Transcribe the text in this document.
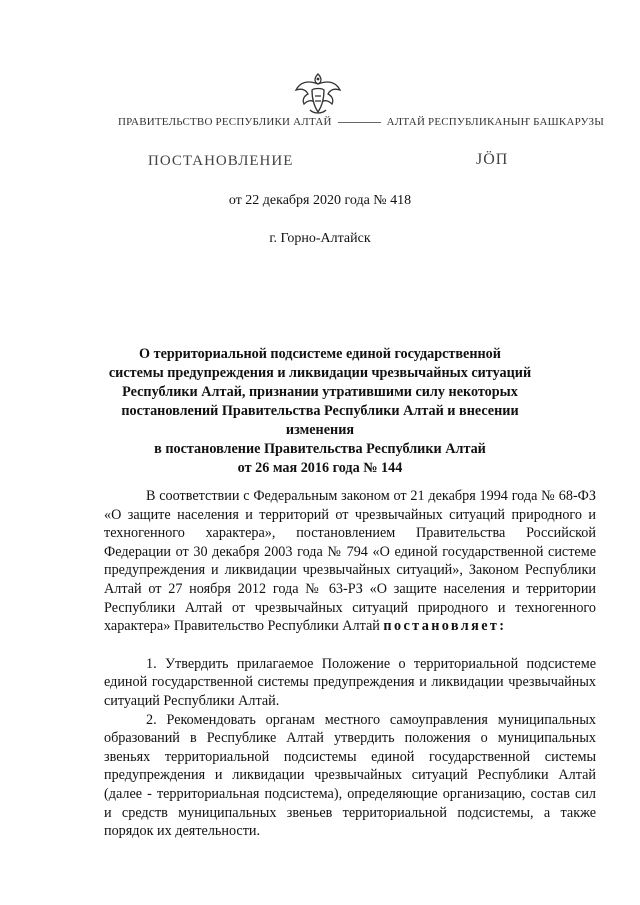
ПРАВИТЕЛЬСТВО РЕСПУБЛИКИ АЛТАЙ	АЛТАЙ РЕСПУБЛИКАНЫҤ БАШКАРУЗЫ
ПОСТАНОВЛЕНИЕ	JÖП
от 22 декабря 2020 года № 418
г. Горно-Алтайск
О территориальной подсистеме единой государственной
системы предупреждения и ликвидации чрезвычайных ситуаций
Республики Алтай, признании утратившими силу некоторых
постановлений Правительства Республики Алтай и внесении изменения
в постановление Правительства Республики Алтай
от 26 мая 2016 года № 144

В соответствии с Федеральным законом от 21 декабря 1994 года № 68-ФЗ «О защите населения и территорий от чрезвычайных ситуаций природного и техногенного характера», постановлением Правительства Российской Федерации от 30 декабря 2003 года № 794 «О единой государственной системе предупреждения и ликвидации чрезвычайных ситуаций», Законом Республики Алтай от 27 ноября 2012 года № 63-РЗ «О защите населения и территории Республики Алтай от чрезвычайных ситуаций природного и техногенного характера» Правительство Республики Алтай постановляет:

1. Утвердить прилагаемое Положение о территориальной подсистеме единой государственной системы предупреждения и ликвидации чрезвычайных ситуаций Республики Алтай.

2. Рекомендовать органам местного самоуправления муниципальных образований в Республике Алтай утвердить положения о муниципальных звеньях территориальной подсистемы единой государственной системы предупреждения и ликвидации чрезвычайных ситуаций Республики Алтай (далее - территориальная подсистема), определяющие организацию, состав сил и средств муниципальных звеньев территориальной подсистемы, а также порядок их деятельности.
